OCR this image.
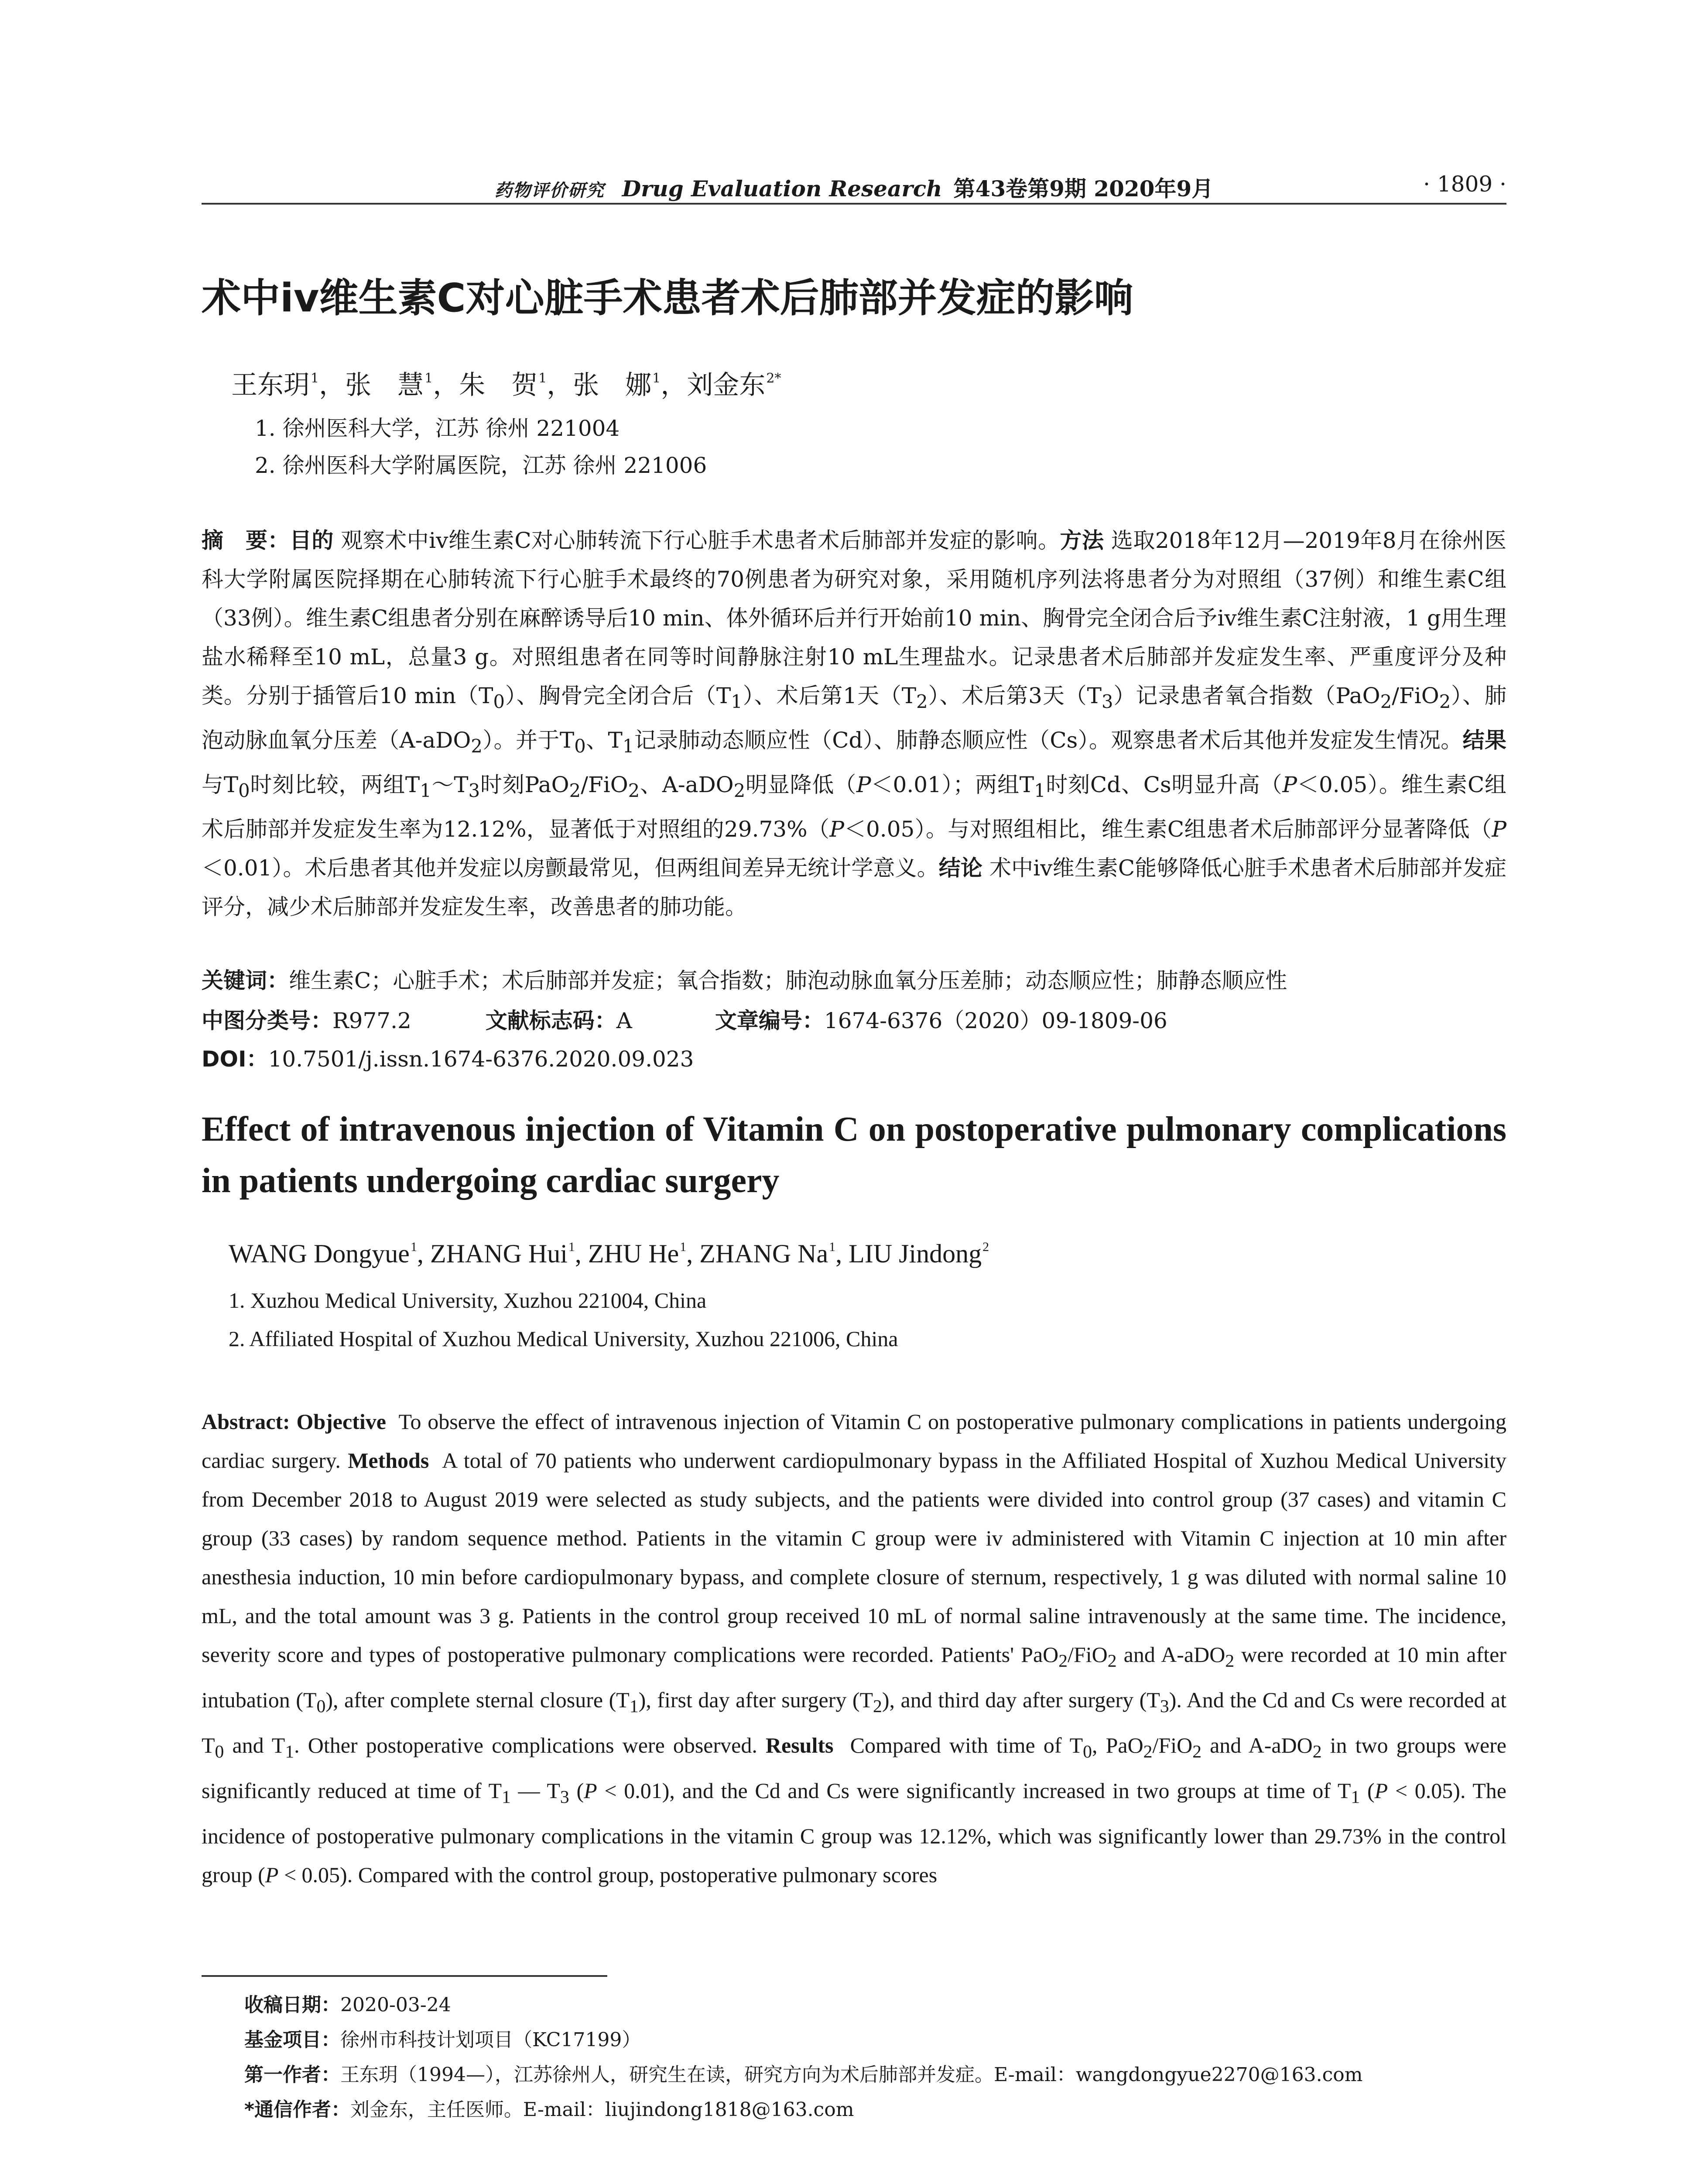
药物评价研究 Drug Evaluation Research 第43卷第9期 2020年9月	· 1809 ·
术中iv维生素C对心脏手术患者术后肺部并发症的影响
王东玥$^1$，张　慧$^1$，朱　贺$^1$，张　娜$^1$，刘金东$^{2*}$
1. 徐州医科大学，江苏 徐州 221004
2. 徐州医科大学附属医院，江苏 徐州 221006
摘　要：目的 观察术中iv维生素C对心肺转流下行心脏手术患者术后肺部并发症的影响。方法 选取2018年12月—2019年8月在徐州医科大学附属医院择期在心肺转流下行心脏手术最终的70例患者为研究对象，采用随机序列法将患者分为对照组（37例）和维生素C组（33例）。维生素C组患者分别在麻醉诱导后10 min、体外循环后并行开始前10 min、胸骨完全闭合后予iv维生素C注射液，1 g用生理盐水稀释至10 mL，总量3 g。对照组患者在同等时间静脉注射10 mL生理盐水。记录患者术后肺部并发症发生率、严重度评分及种类。分别于插管后10 $\min(T_0)$、胸骨完全闭合后$(T_1)$、术后第1天$(T_2)$、术后第3天$(T_3)$记录患者氧合指数（PaO$_2$/FiO$_2$）、肺泡动脉血氧分压差（A-aDO$_2$）。并于$T_0$、$T_1$记录肺动态顺应性（Cd）、肺静态顺应性（Cs）。观察患者术后其他并发症发生情况。结果 与$T_0$时刻比较，两组$T_1\sim T_3$时刻PaO$_2$/FiO$_2$、A-aDO$_2$明显降低（P＜0.01）；两组$T_1$时刻Cd、Cs明显升高（P＜0.05）。维生素C组术后肺部并发症发生率为12.12%，显著低于对照组的29.73%（P＜0.05）。与对照组相比，维生素C组患者术后肺部评分显著降低（P＜0.01）。术后患者其他并发症以房颤最常见，但两组间差异无统计学意义。结论 术中iv维生素C能够降低心脏手术患者术后肺部并发症评分，减少术后肺部并发症发生率，改善患者的肺功能。
关键词：维生素C；心脏手术；术后肺部并发症；氧合指数；肺泡动脉血氧分压差肺；动态顺应性；肺静态顺应性
中图分类号：R977.2	文献标志码：A	文章编号：1674-6376（2020）09-1809-06
DOI：10.7501/j.issn.1674-6376.2020.09.023
Effect of intravenous injection of Vitamin C on postoperative pulmonary complications in patients undergoing cardiac surgery
WANG Dongyue$^1$, ZHANG Hui$^1$, ZHU He$^1$, ZHANG Na$^1$, LIU Jindong$^2$
1. Xuzhou Medical University, Xuzhou 221004, China
2. Affiliated Hospital of Xuzhou Medical University, Xuzhou 221006, China
Abstract: Objective To observe the effect of intravenous injection of Vitamin C on postoperative pulmonary complications in patients undergoing cardiac surgery. Methods A total of 70 patients who underwent cardiopulmonary bypass in the Affiliated Hospital of Xuzhou Medical University from December 2018 to August 2019 were selected as study subjects, and the patients were divided into control group (37 cases) and vitamin C group (33 cases) by random sequence method. Patients in the vitamin C group were iv administered with Vitamin C injection at 10 min after anesthesia induction, 10 min before cardiopulmonary bypass, and complete closure of sternum, respectively, 1 g was diluted with normal saline 10 mL, and the total amount was 3 g. Patients in the control group received 10 mL of normal saline intravenously at the same time. The incidence, severity score and types of postoperative pulmonary complications were recorded. Patients' PaO$_2$/FiO$_2$ and A-aDO$_2$ were recorded at 10 min after intubation $(T_0)$, after complete sternal closure $(T_1)$, first day after surgery $(T_2)$, and third day after surgery $(T_3)$. And the Cd and Cs were recorded at $T_0$ and $T_1$. Other postoperative complications were observed. Results Compared with time of $T_0$, PaO$_2$/FiO$_2$ and A-aDO$_2$ in two groups were significantly reduced at time of $T_1$ — $T_3$ (P < 0.01), and the Cd and Cs were significantly increased in two groups at time of $T_1$ (P < 0.05). The incidence of postoperative pulmonary complications in the vitamin C group was 12.12%, which was significantly lower than 29.73% in the control group (P < 0.05). Compared with the control group, postoperative pulmonary scores
收稿日期：2020-03-24
基金项目：徐州市科技计划项目（KC17199）
第一作者：王东玥（1994—），江苏徐州人，研究生在读，研究方向为术后肺部并发症。E-mail：wangdongyue2270@163.com
*通信作者：刘金东，主任医师。E-mail：liujindong1818@163.com
